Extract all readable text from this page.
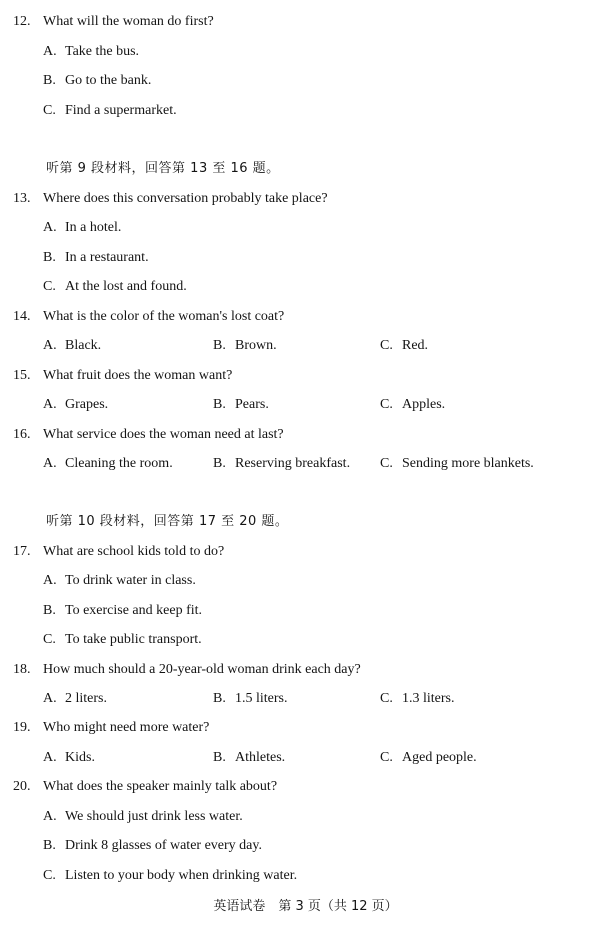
12. What will the woman do first?
A. Take the bus.
B. Go to the bank.
C. Find a supermarket.
听第 9 段材料，回答第 13 至 16 题。
13. Where does this conversation probably take place?
A. In a hotel.
B. In a restaurant.
C. At the lost and found.
14. What is the color of the woman's lost coat?
A. Black.	B. Brown.	C. Red.
15. What fruit does the woman want?
A. Grapes.	B. Pears.	C. Apples.
16. What service does the woman need at last?
A. Cleaning the room.	B. Reserving breakfast. C. Sending more blankets.
听第 10 段材料，回答第 17 至 20 题。
17. What are school kids told to do?
A. To drink water in class.
B. To exercise and keep fit.
C. To take public transport.
18. How much should a 20-year-old woman drink each day?
A. 2 liters.	B. 1.5 liters.	C. 1.3 liters.
19. Who might need more water?
A. Kids.	B. Athletes.	C. Aged people.
20. What does the speaker mainly talk about?
A. We should just drink less water.
B. Drink 8 glasses of water every day.
C. Listen to your body when drinking water.
英语试卷　第 3 页（共 12 页）
